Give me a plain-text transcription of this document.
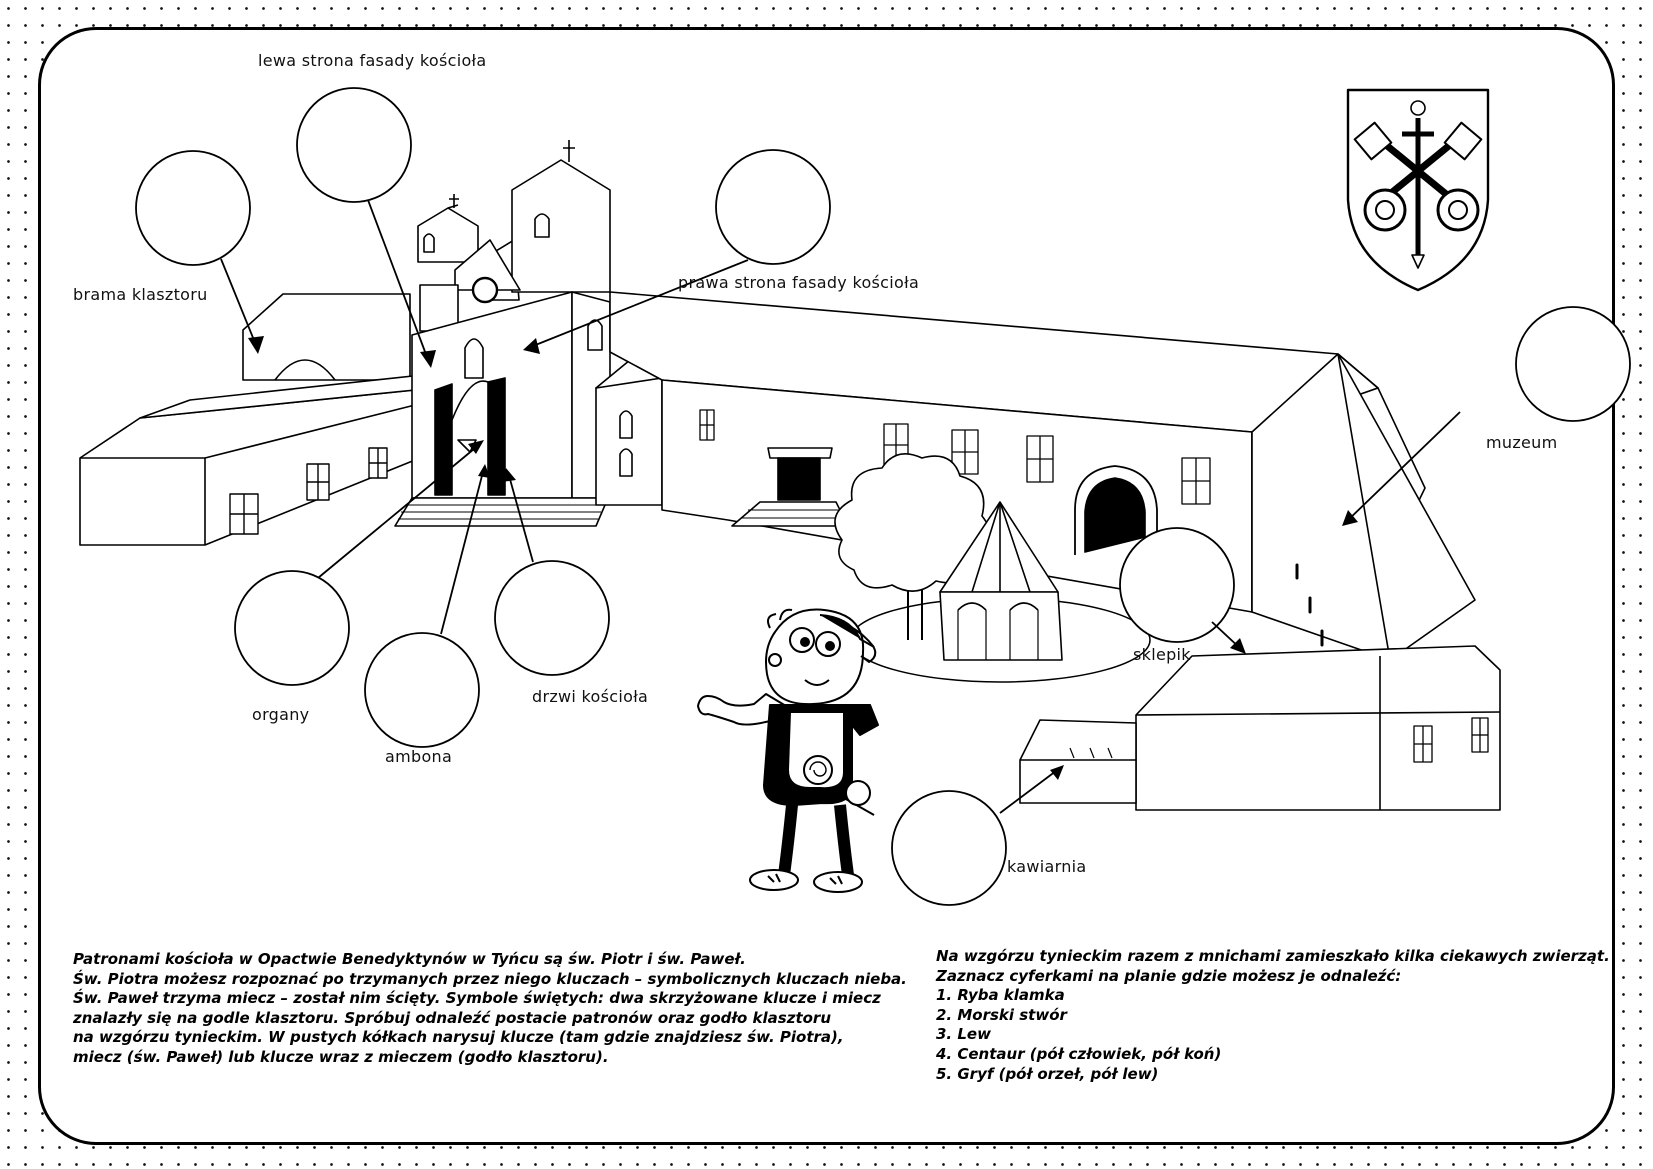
lewa strona fasady kościoła
brama klasztoru
prawa strona fasady kościoła
muzeum
sklepik
organy
ambona
drzwi kościoła
kawiarnia
Patronami kościoła w Opactwie Benedyktynów w Tyńcu są św. Piotr i św. Paweł.
Św. Piotra możesz rozpoznać po trzymanych przez niego kluczach – symbolicznych kluczach nieba.
Św. Paweł trzyma miecz – został nim ścięty. Symbole świętych: dwa skrzyżowane klucze i miecz
znalazły się na godle klasztoru. Spróbuj odnaleźć postacie patronów oraz godło klasztoru
na wzgórzu tynieckim. W pustych kółkach narysuj klucze (tam gdzie znajdziesz św. Piotra),
miecz (św. Paweł) lub klucze wraz z mieczem (godło klasztoru).
Na wzgórzu tynieckim razem z mnichami zamieszkało kilka ciekawych zwierząt.
Zaznacz cyferkami na planie gdzie możesz je odnaleźć:
1. Ryba klamka
2. Morski stwór
3. Lew
4. Centaur (pół człowiek, pół koń)
5. Gryf (pół orzeł, pół lew)
